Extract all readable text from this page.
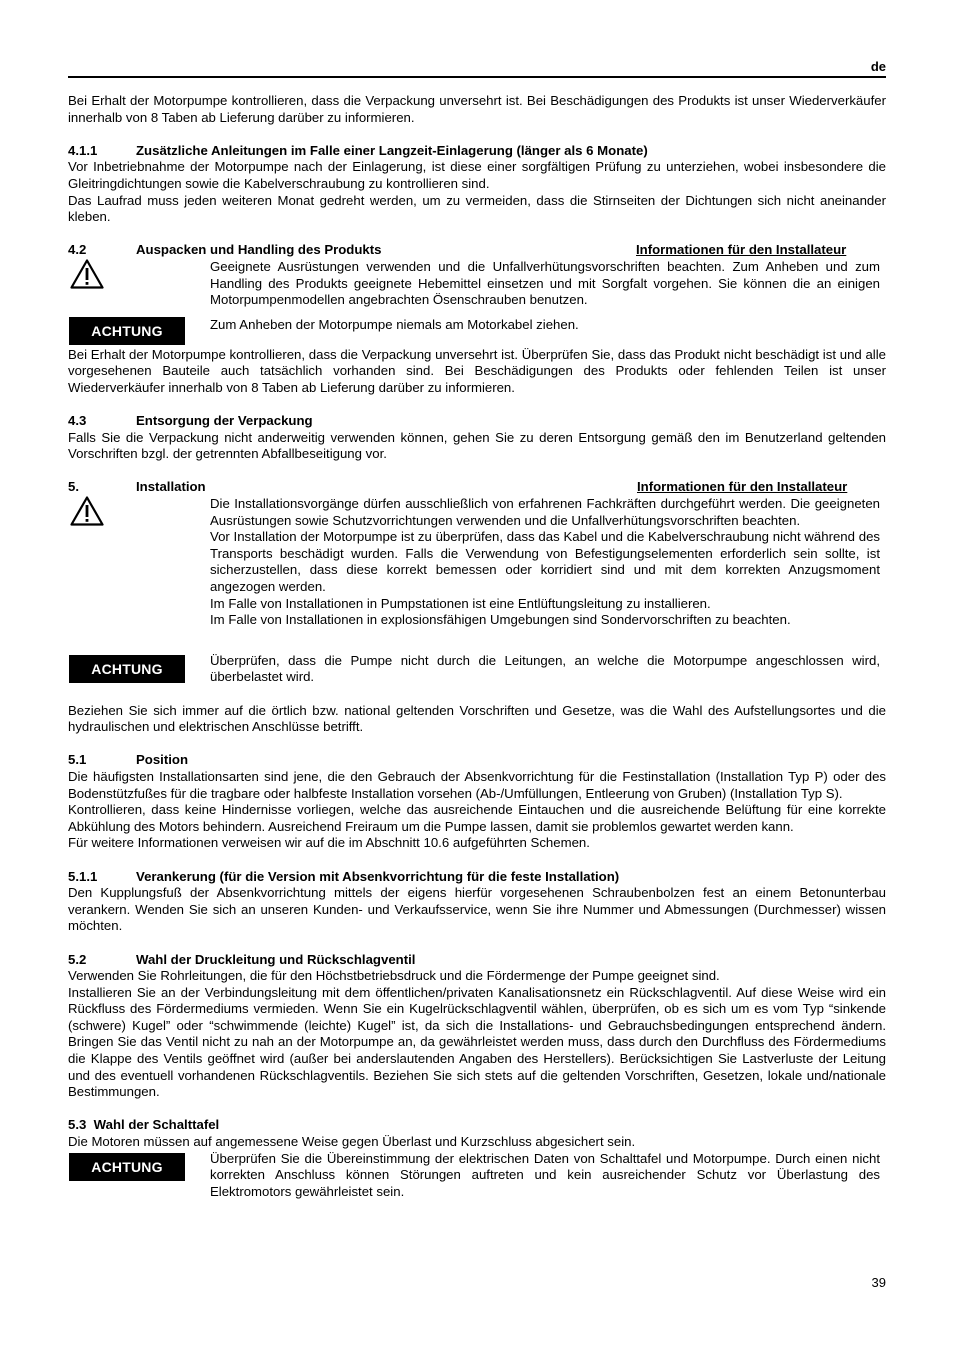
de

Bei Erhalt der Motorpumpe kontrollieren, dass die Verpackung unversehrt ist. Bei Beschädigungen des Produkts ist unser Wiederverkäufer innerhalb von 8 Taben ab Lieferung darüber zu informieren.

4.1.1	Zusätzliche Anleitungen im Falle einer Langzeit-Einlagerung (länger als 6 Monate)

Vor Inbetriebnahme der Motorpumpe nach der Einlagerung, ist diese einer sorgfältigen Prüfung zu unterziehen, wobei insbesondere die Gleitringdichtungen sowie die Kabelverschraubung zu kontrollieren sind.

Das Laufrad muss jeden weiteren Monat gedreht werden, um zu vermeiden, dass die Stirnseiten der Dichtungen sich nicht aneinander kleben.

4.2	Auspacken und Handling des Produkts	Informationen für den Installateur

Geeignete Ausrüstungen verwenden und die Unfallverhütungsvorschriften beachten. Zum Anheben und zum Handling des Produkts geeignete Hebemittel einsetzen und mit Sorgfalt vorgehen. Sie können die an einigen Motorpumpenmodellen angebrachten Ösenschrauben benutzen.

ACHTUNG	Zum Anheben der Motorpumpe niemals am Motorkabel ziehen.

Bei Erhalt der Motorpumpe kontrollieren, dass die Verpackung unversehrt ist. Überprüfen Sie, dass das Produkt nicht beschädigt ist und alle vorgesehenen Bauteile auch tatsächlich vorhanden sind. Bei Beschädigungen des Produkts oder fehlenden Teilen ist unser Wiederverkäufer innerhalb von 8 Taben ab Lieferung darüber zu informieren.

4.3	Entsorgung der Verpackung

Falls Sie die Verpackung nicht anderweitig verwenden können, gehen Sie zu deren Entsorgung gemäß den im Benutzerland geltenden Vorschriften bzgl. der getrennten Abfallbeseitigung vor.

5.	Installation	Informationen für den Installateur

Die Installationsvorgänge dürfen ausschließlich von erfahrenen Fachkräften durchgeführt werden. Die geeigneten Ausrüstungen sowie Schutzvorrichtungen verwenden und die Unfallverhütungsvorschriften beachten.

Vor Installation der Motorpumpe ist zu überprüfen, dass das Kabel und die Kabelverschraubung nicht während des Transports beschädigt wurden. Falls die Verwendung von Befestigungselementen erforderlich sein sollte, ist sicherzustellen, dass diese korrekt bemessen oder korridiert sind und mit dem korrekten Anzugsmoment angezogen werden.

Im Falle von Installationen in Pumpstationen ist eine Entlüftungsleitung zu installieren.

Im Falle von Installationen in explosionsfähigen Umgebungen sind Sondervorschriften zu beachten.

ACHTUNG

Überprüfen, dass die Pumpe nicht durch die Leitungen, an welche die Motorpumpe angeschlossen wird, überbelastet wird.

Beziehen Sie sich immer auf die örtlich bzw. national geltenden Vorschriften und Gesetze, was die Wahl des Aufstellungsortes und die hydraulischen und elektrischen Anschlüsse betrifft.

5.1	Position

Die häufigsten Installationsarten sind jene, die den Gebrauch der Absenkvorrichtung für die Festinstallation (Installation Typ P) oder des Bodenstützfußes für die tragbare oder halbfeste Installation vorsehen (Ab-/Umfüllungen, Entleerung von Gruben) (Installation Typ S).

Kontrollieren, dass keine Hindernisse vorliegen, welche das ausreichende Eintauchen und die ausreichende Belüftung für eine korrekte Abkühlung des Motors behindern. Ausreichend Freiraum um die Pumpe lassen, damit sie problemlos gewartet werden kann.

Für weitere Informationen verweisen wir auf die im Abschnitt 10.6 aufgeführten Schemen.

5.1.1	Verankerung (für die Version mit Absenkvorrichtung für die feste Installation)

Den Kupplungsfuß der Absenkvorrichtung mittels der eigens hierfür vorgesehenen Schraubenbolzen fest an einem Betonunterbau verankern. Wenden Sie sich an unseren Kunden- und Verkaufsservice, wenn Sie ihre Nummer und Abmessungen (Durchmesser) wissen möchten.

5.2	Wahl der Druckleitung und Rückschlagventil

Verwenden Sie Rohrleitungen, die für den Höchstbetriebsdruck und die Fördermenge der Pumpe geeignet sind.

Installieren Sie an der Verbindungsleitung mit dem öffentlichen/privaten Kanalisationsnetz ein Rückschlagventil. Auf diese Weise wird ein Rückfluss des Fördermediums vermieden. Wenn Sie ein Kugelrückschlagventil wählen, überprüfen, ob es sich um es vom Typ “sinkende (schwere) Kugel” oder “schwimmende (leichte) Kugel” ist, da sich die Installations- und Gebrauchsbedingungen entsprechend ändern. Bringen Sie das Ventil nicht zu nah an der Motorpumpe an, da gewährleistet werden muss, dass durch den Durchfluss des Fördermediums die Klappe des Ventils geöffnet wird (außer bei anderslautenden Angaben des Herstellers). Berücksichtigen Sie Lastverluste der Leitung und des eventuell vorhandenen Rückschlagventils. Beziehen Sie sich stets auf die geltenden Vorschriften, Gesetzen, lokale und/nationale Bestimmungen.

5.3  Wahl der Schalttafel

Die Motoren müssen auf angemessene Weise gegen Überlast und Kurzschluss abgesichert sein.

ACHTUNG

Überprüfen Sie die Übereinstimmung der elektrischen Daten von Schalttafel und Motorpumpe. Durch einen nicht korrekten Anschluss können Störungen auftreten und kein ausreichender Schutz vor Überlastung des Elektromotors gewährleistet sein.

39
